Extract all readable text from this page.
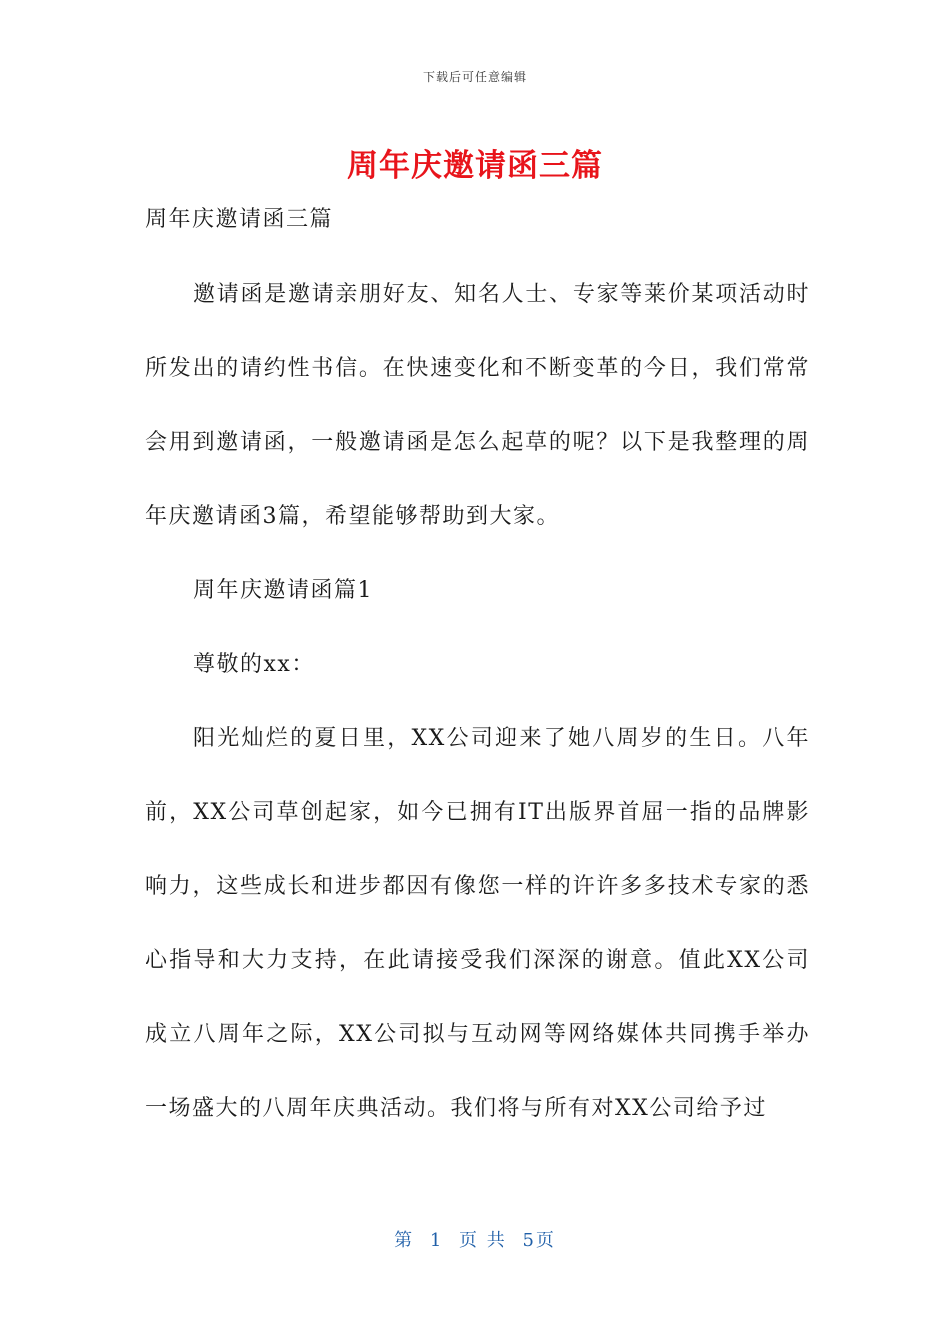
下载后可任意编辑
周年庆邀请函三篇

周年庆邀请函三篇

邀请函是邀请亲朋好友、知名人士、专家等莱价某项活动时所发出的请约性书信。在快速变化和不断变革的今日，我们常常会用到邀请函，一般邀请函是怎么起草的呢？以下是我整理的周年庆邀请函3篇，希望能够帮助到大家。

周年庆邀请函篇1

尊敬的xx：

阳光灿烂的夏日里，XX公司迎来了她八周岁的生日。八年前，XX公司草创起家，如今已拥有IT出版界首屈一指的品牌影响力，这些成长和进步都因有像您一样的许许多多技术专家的悉心指导和大力支持，在此请接受我们深深的谢意。值此XX公司成立八周年之际，XX公司拟与互动网等网络媒体共同携手举办一场盛大的八周年庆典活动。我们将与所有对XX公司给予过

第 1 页 共 5页
